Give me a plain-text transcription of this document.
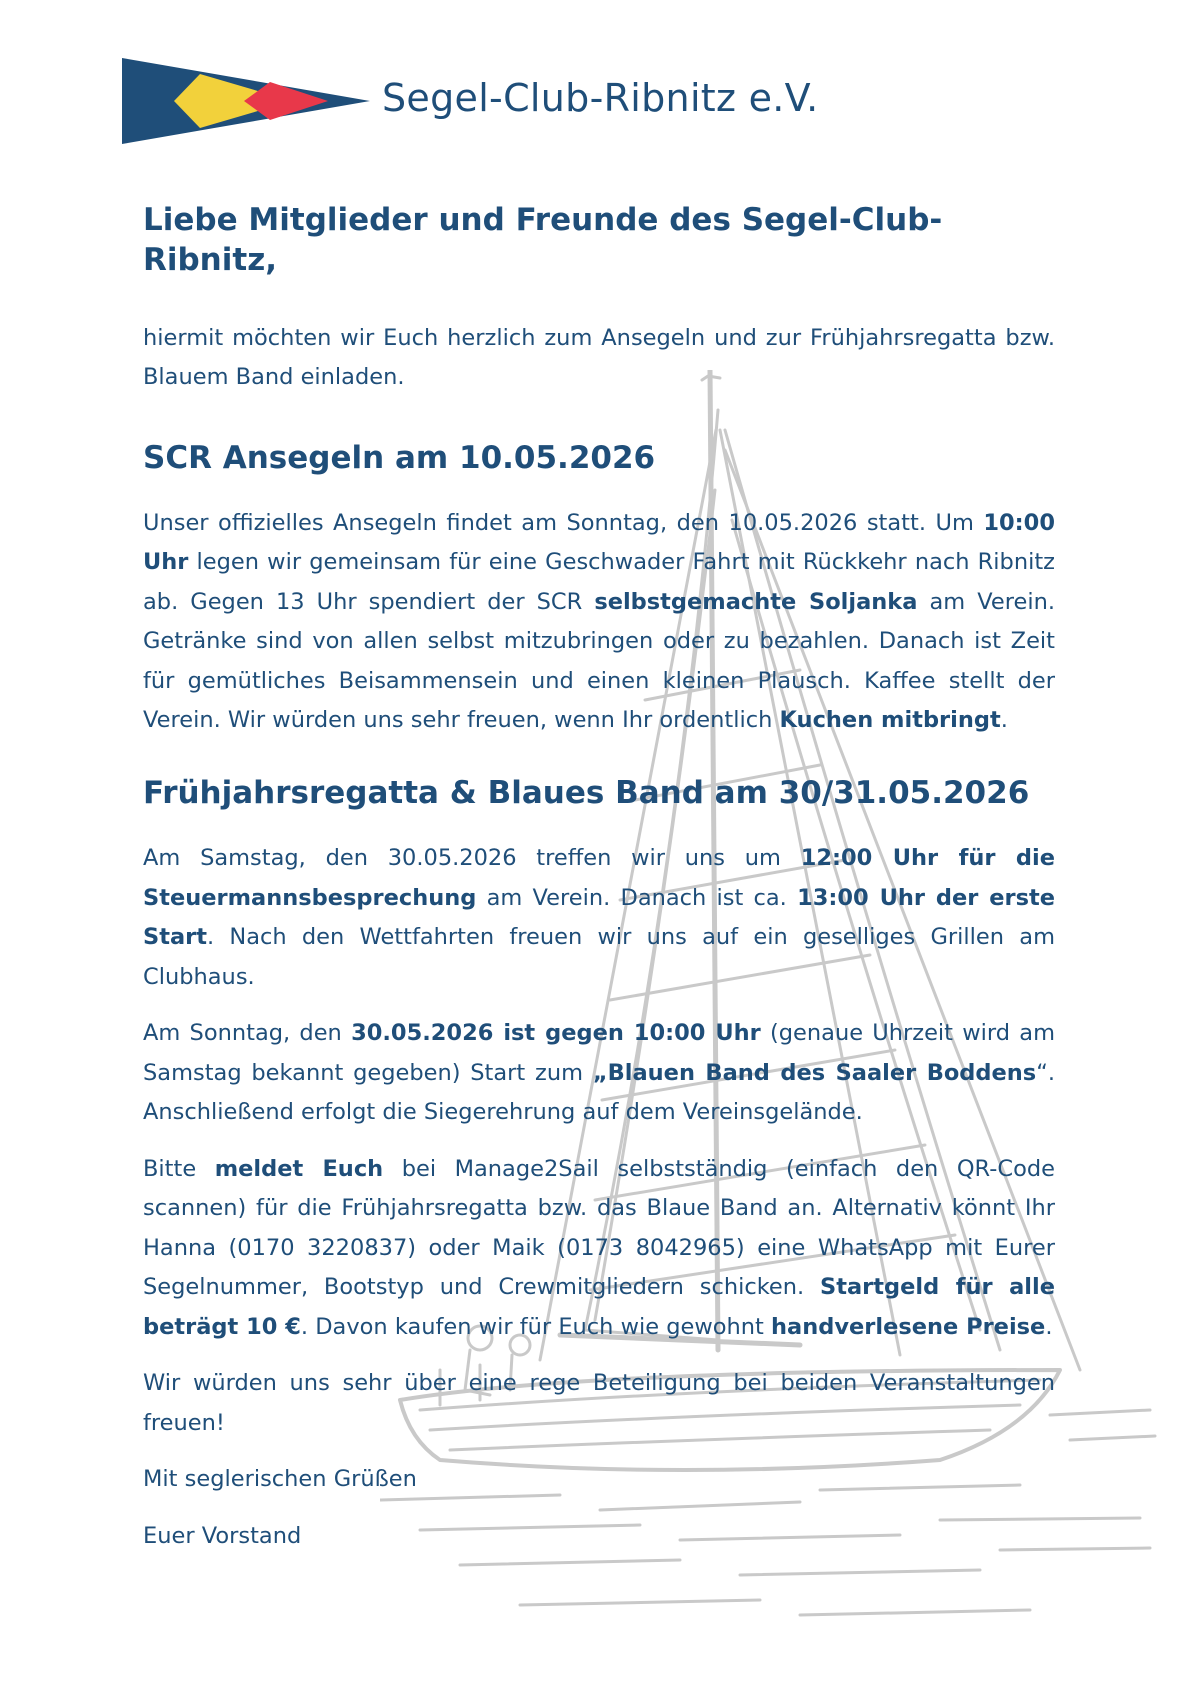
Segel-Club-Ribnitz e.V.
Liebe Mitglieder und Freunde des Segel-Club-Ribnitz,

hiermit möchten wir Euch herzlich zum Ansegeln und zur Frühjahrsregatta bzw. Blauem Band einladen.

SCR Ansegeln am 10.05.2026

Unser offizielles Ansegeln findet am Sonntag, den 10.05.2026 statt. Um 10:00 Uhr legen wir gemeinsam für eine Geschwader Fahrt mit Rückkehr nach Ribnitz ab. Gegen 13 Uhr spendiert der SCR selbstgemachte Soljanka am Verein. Getränke sind von allen selbst mitzubringen oder zu bezahlen. Danach ist Zeit für gemütliches Beisammensein und einen kleinen Plausch. Kaffee stellt der Verein. Wir würden uns sehr freuen, wenn Ihr ordentlich Kuchen mitbringt.

Frühjahrsregatta & Blaues Band am 30/31.05.2026

Am Samstag, den 30.05.2026 treffen wir uns um 12:00 Uhr für die Steuermannsbesprechung am Verein. Danach ist ca. 13:00 Uhr der erste Start. Nach den Wettfahrten freuen wir uns auf ein geselliges Grillen am Clubhaus.

Am Sonntag, den 30.05.2026 ist gegen 10:00 Uhr (genaue Uhrzeit wird am Samstag bekannt gegeben) Start zum „Blauen Band des Saaler Boddens“. Anschließend erfolgt die Siegerehrung auf dem Vereinsgelände.

Bitte meldet Euch bei Manage2Sail selbstständig (einfach den QR-Code scannen) für die Frühjahrsregatta bzw. das Blaue Band an. Alternativ könnt Ihr Hanna (0170 3220837) oder Maik (0173 8042965) eine WhatsApp mit Eurer Segelnummer, Bootstyp und Crewmitgliedern schicken. Startgeld für alle beträgt 10 €. Davon kaufen wir für Euch wie gewohnt handverlesene Preise.

Wir würden uns sehr über eine rege Beteiligung bei beiden Veranstaltungen freuen!

Mit seglerischen Grüßen

Euer Vorstand
